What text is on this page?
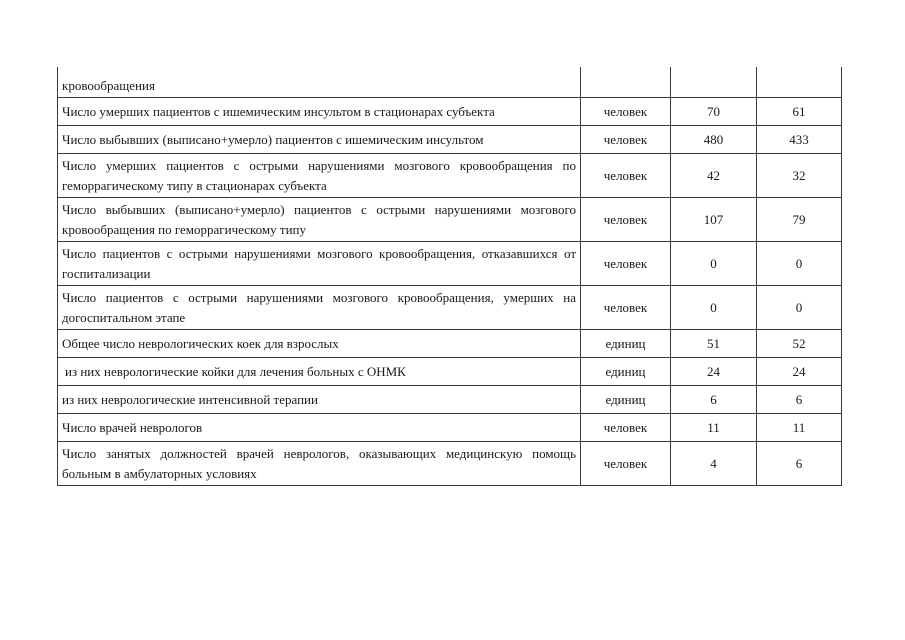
кровообращения			
Число умерших пациентов с ишемическим инсультом в стационарах субъекта	человек	70	61
Число выбывших (выписано+умерло) пациентов с ишемическим инсультом	человек	480	433
Число умерших пациентов с острыми нарушениями мозгового кровообращения по геморрагическому типу в стационарах субъекта	человек	42	32
Число выбывших (выписано+умерло) пациентов с острыми нарушениями мозгового кровообращения по геморрагическому типу	человек	107	79
Число пациентов с острыми нарушениями мозгового кровообращения, отказавшихся от госпитализации	человек	0	0
Число пациентов с острыми нарушениями мозгового кровообращения, умерших на догоспитальном этапе	человек	0	0
Общее число неврологических коек для взрослых	единиц	51	52
из них неврологические койки для лечения больных с ОНМК	единиц	24	24
из них неврологические интенсивной терапии	единиц	6	6
Число врачей неврологов	человек	11	11
Число занятых должностей врачей неврологов, оказывающих медицинскую помощь больным в амбулаторных условиях	человек	4	6
